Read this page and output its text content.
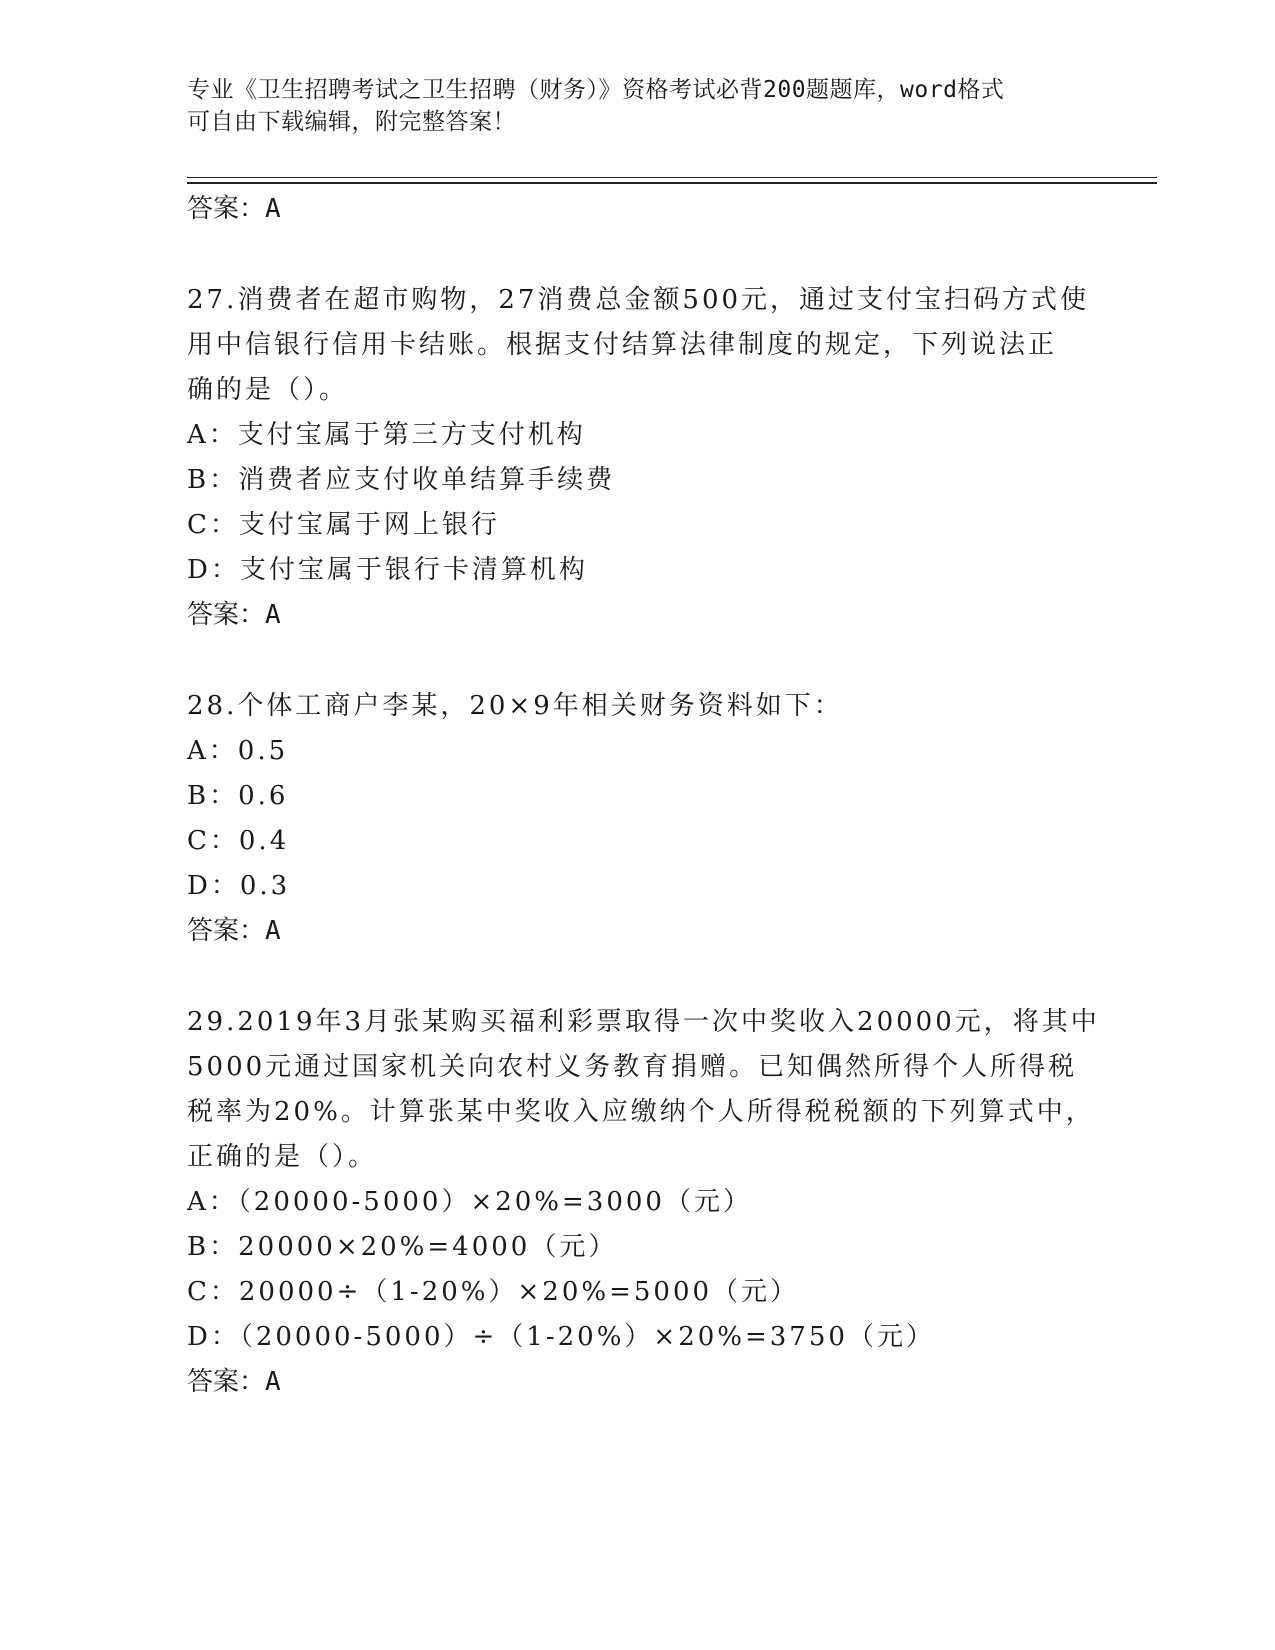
专业《卫生招聘考试之卫生招聘（财务）》资格考试必背200题题库，word格式
可自由下载编辑，附完整答案！
答案：A
27.消费者在超市购物，27消费总金额500元，通过支付宝扫码方式使
用中信银行信用卡结账。根据支付结算法律制度的规定，下列说法正
确的是（）。
A：支付宝属于第三方支付机构
B：消费者应支付收单结算手续费
C：支付宝属于网上银行
D：支付宝属于银行卡清算机构
答案：A
28.个体工商户李某，20×9年相关财务资料如下：
A：0.5
B：0.6
C：0.4
D：0.3
答案：A
29.2019年3月张某购买福利彩票取得一次中奖收入20000元，将其中
5000元通过国家机关向农村义务教育捐赠。已知偶然所得个人所得税
税率为20%。计算张某中奖收入应缴纳个人所得税税额的下列算式中，
正确的是（）。
A：（20000-5000）×20%=3000（元）
B：20000×20%=4000（元）
C：20000÷（1-20%）×20%=5000（元）
D：（20000-5000）÷（1-20%）×20%=3750（元）
答案：A
